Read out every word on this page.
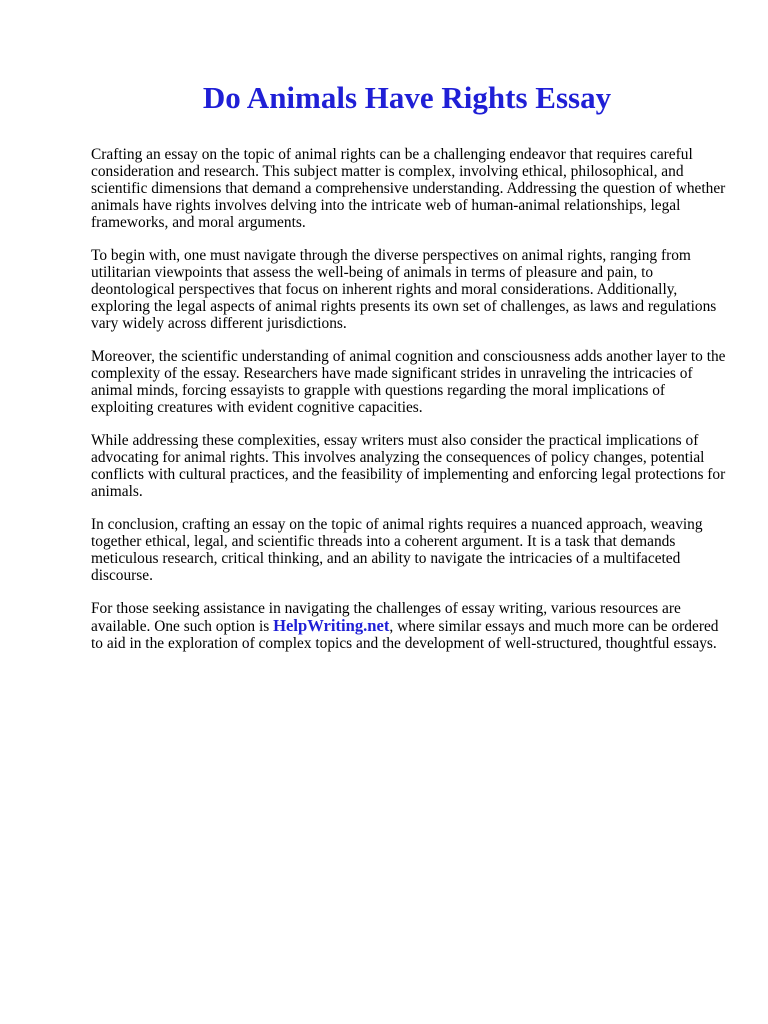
Do Animals Have Rights Essay

Crafting an essay on the topic of animal rights can be a challenging endeavor that requires careful consideration and research. This subject matter is complex, involving ethical, philosophical, and scientific dimensions that demand a comprehensive understanding. Addressing the question of whether animals have rights involves delving into the intricate web of human-animal relationships, legal frameworks, and moral arguments.

To begin with, one must navigate through the diverse perspectives on animal rights, ranging from utilitarian viewpoints that assess the well-being of animals in terms of pleasure and pain, to deontological perspectives that focus on inherent rights and moral considerations. Additionally, exploring the legal aspects of animal rights presents its own set of challenges, as laws and regulations vary widely across different jurisdictions.

Moreover, the scientific understanding of animal cognition and consciousness adds another layer to the complexity of the essay. Researchers have made significant strides in unraveling the intricacies of animal minds, forcing essayists to grapple with questions regarding the moral implications of exploiting creatures with evident cognitive capacities.

While addressing these complexities, essay writers must also consider the practical implications of advocating for animal rights. This involves analyzing the consequences of policy changes, potential conflicts with cultural practices, and the feasibility of implementing and enforcing legal protections for animals.

In conclusion, crafting an essay on the topic of animal rights requires a nuanced approach, weaving together ethical, legal, and scientific threads into a coherent argument. It is a task that demands meticulous research, critical thinking, and an ability to navigate the intricacies of a multifaceted discourse.

For those seeking assistance in navigating the challenges of essay writing, various resources are available. One such option is HelpWriting.net, where similar essays and much more can be ordered to aid in the exploration of complex topics and the development of well-structured, thoughtful essays.
